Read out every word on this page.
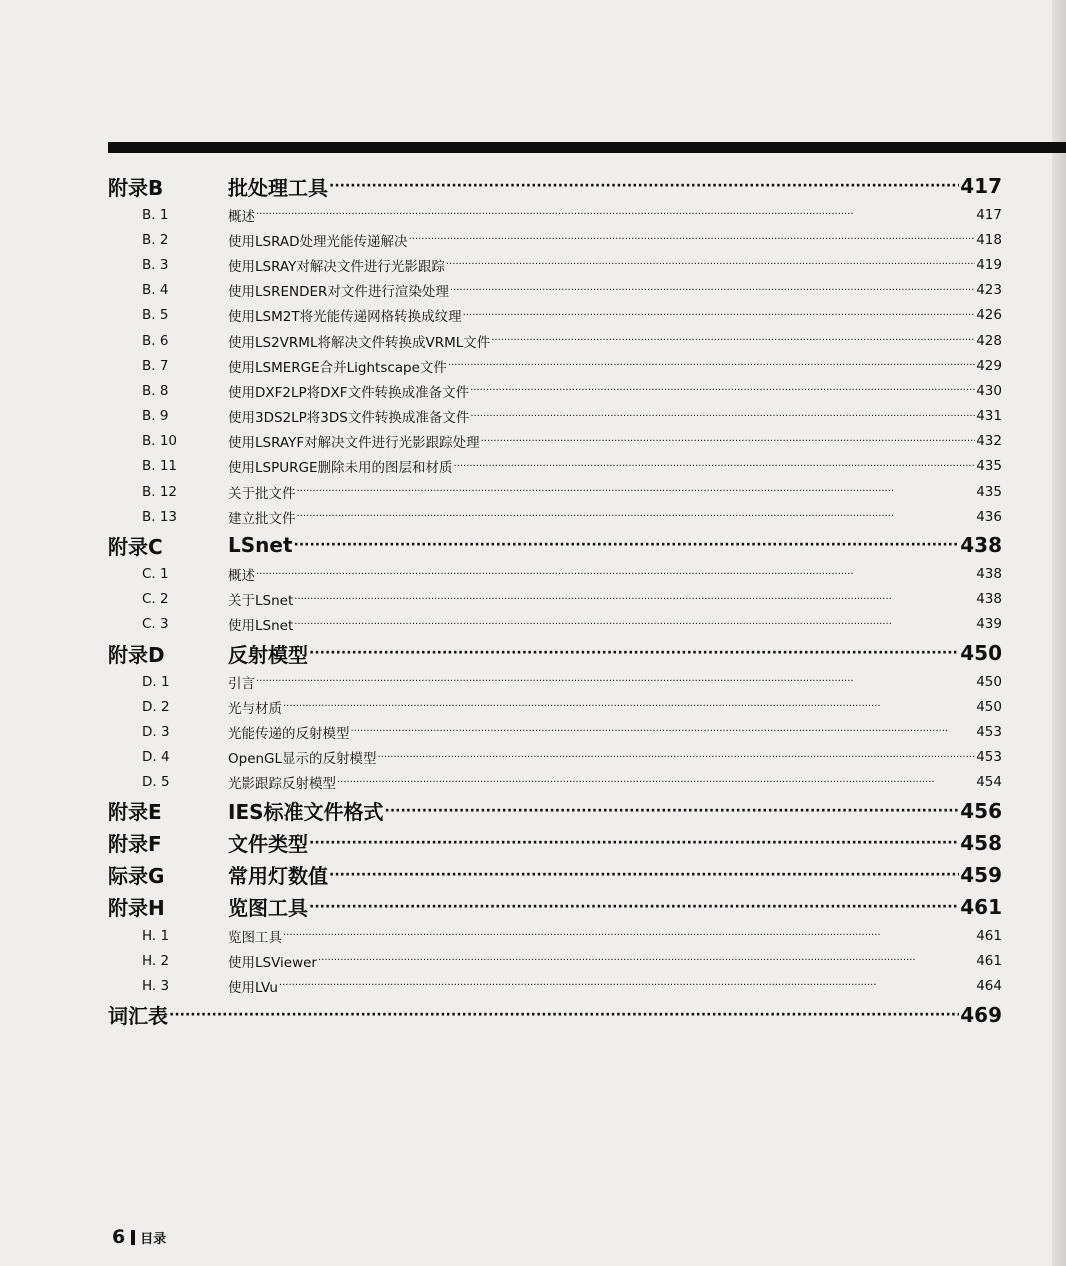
附录B	批处理工具 ·····	417
B. 1	概述 ·····	417
B. 2	使用LSRAD处理光能传递解决 ·····	418
B. 3	使用LSRAY对解决文件进行光影跟踪 ·····	419
B. 4	使用LSRENDER对文件进行渲染处理 ·····	423
B. 5	使用LSM2T将光能传递网格转换成纹理 ·····	426
B. 6	使用LS2VRML将解决文件转换成VRML文件 ·····	428
B. 7	使用LSMERGE合并Lightscape文件 ·····	429
B. 8	使用DXF2LP将DXF文件转换成准备文件 ·····	430
B. 9	使用3DS2LP将3DS文件转换成准备文件 ·····	431
B. 10	使用LSRAYF对解决文件进行光影跟踪处理 ·····	432
B. 11	使用LSPURGE删除未用的图层和材质 ·····	435
B. 12	关于批文件 ·····	435
B. 13	建立批文件 ·····	436
附录C	LSnet ·····	438
C. 1	概述 ·····	438
C. 2	关于LSnet ·····	438
C. 3	使用LSnet ·····	439
附录D	反射模型 ·····	450
D. 1	引言 ·····	450
D. 2	光与材质 ·····	450
D. 3	光能传递的反射模型 ·····	453
D. 4	OpenGL显示的反射模型 ·····	453
D. 5	光影跟踪反射模型 ·····	454
附录E	IES标准文件格式 ·····	456
附录F	文件类型 ·····	458
际录G	常用灯数值 ·····	459
附录H	览图工具 ·····	461
H. 1	览图工具 ·····	461
H. 2	使用LSViewer ·····	461
H. 3	使用LVu ·····	464
词汇表 ·····	469
6 目录
